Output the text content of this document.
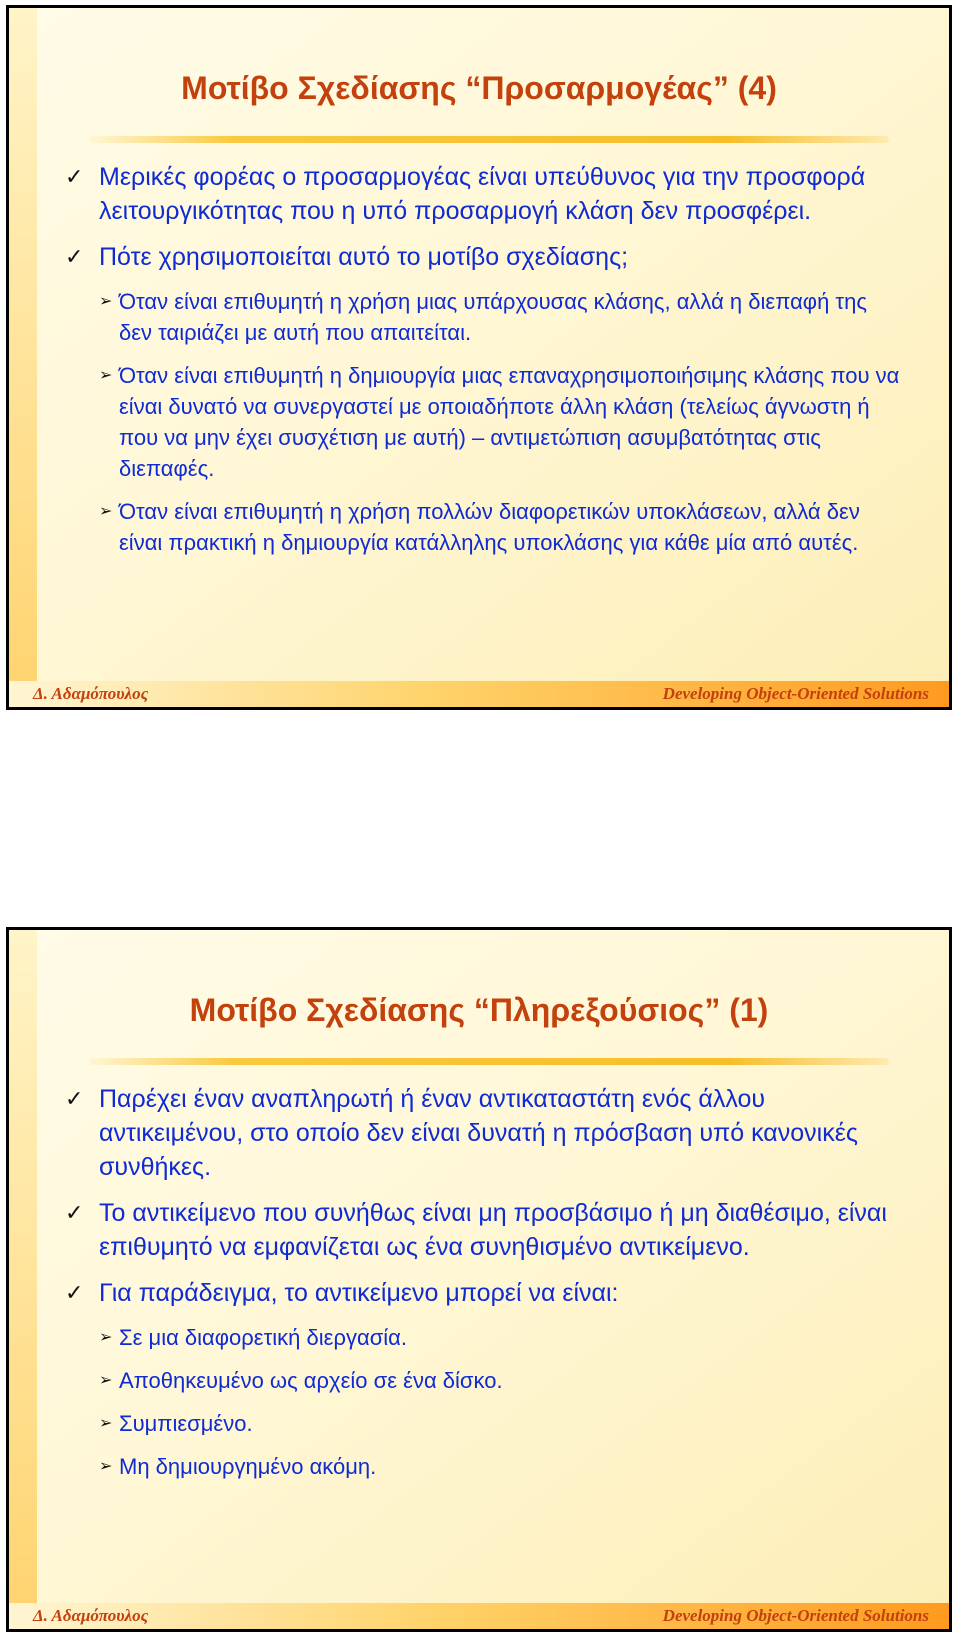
Μοτίβο Σχεδίασης “Προσαρμογέας” (4)
✓ Μερικές φορέας ο προσαρμογέας είναι υπεύθυνος για την προσφορά λειτουργικότητας που η υπό προσαρμογή κλάση δεν προσφέρει.
✓ Πότε χρησιμοποιείται αυτό το μοτίβο σχεδίασης;
➢ Όταν είναι επιθυμητή η χρήση μιας υπάρχουσας κλάσης, αλλά η διεπαφή της δεν ταιριάζει με αυτή που απαιτείται.
➢ Όταν είναι επιθυμητή η δημιουργία μιας επαναχρησιμοποιήσιμης κλάσης που να είναι δυνατό να συνεργαστεί με οποιαδήποτε άλλη κλάση (τελείως άγνωστη ή που να μην έχει συσχέτιση με αυτή) – αντιμετώπιση ασυμβατότητας στις διεπαφές.
➢ Όταν είναι επιθυμητή η χρήση πολλών διαφορετικών υποκλάσεων, αλλά δεν είναι πρακτική η δημιουργία κατάλληλης υποκλάσης για κάθε μία από αυτές.
Δ. Αδαμόπουλος	Developing Object-Oriented Solutions
Μοτίβο Σχεδίασης “Πληρεξούσιος” (1)
✓ Παρέχει έναν αναπληρωτή ή έναν αντικαταστάτη ενός άλλου αντικειμένου, στο οποίο δεν είναι δυνατή η πρόσβαση υπό κανονικές συνθήκες.
✓ Το αντικείμενο που συνήθως είναι μη προσβάσιμο ή μη διαθέσιμο, είναι επιθυμητό να εμφανίζεται ως ένα συνηθισμένο αντικείμενο.
✓ Για παράδειγμα, το αντικείμενο μπορεί να είναι:
➢ Σε μια διαφορετική διεργασία.
➢ Αποθηκευμένο ως αρχείο σε ένα δίσκο.
➢ Συμπιεσμένο.
➢ Μη δημιουργημένο ακόμη.
Δ. Αδαμόπουλος	Developing Object-Oriented Solutions
